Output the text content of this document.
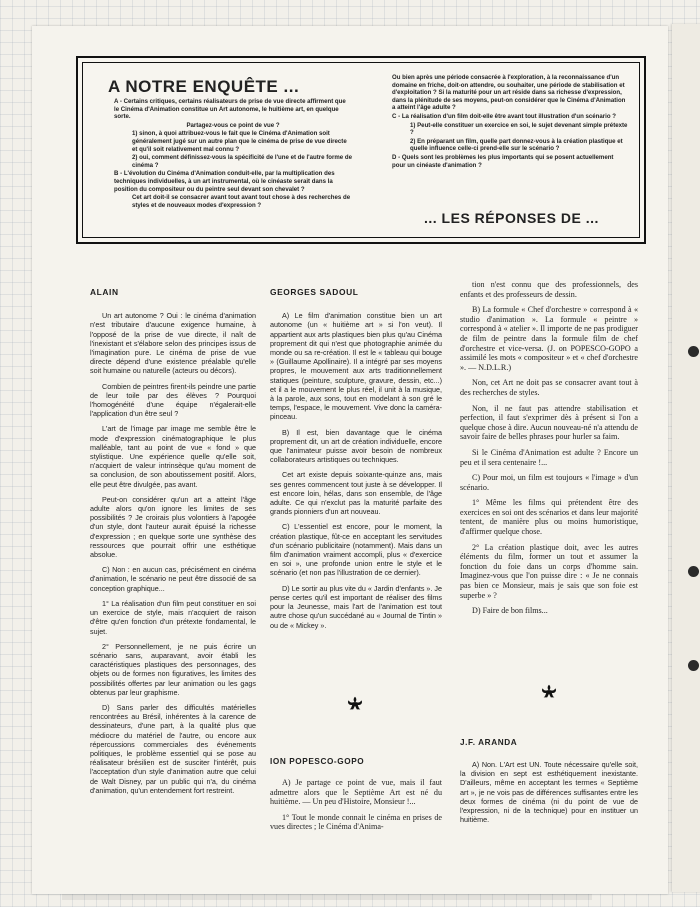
A NOTRE ENQUÊTE ...

A - Certains critiques, certains réalisateurs de prise de vue directe affirment que le Cinéma d'Animation constitue un Art autonome, le huitième art, en quelque sorte.

Partagez-vous ce point de vue ?

1) sinon, à quoi attribuez-vous le fait que le Cinéma d'Animation soit généralement jugé sur un autre plan que le cinéma de prise de vue directe et qu'il soit relativement mal connu ?

2) oui, comment définissez-vous la spécificité de l'une et de l'autre forme de cinéma ?

B - L'évolution du Cinéma d'Animation conduit-elle, par la multiplication des techniques individuelles, à un art instrumental, où le cinéaste serait dans la position du compositeur ou du peintre seul devant son chevalet ?

Cet art doit-il se consacrer avant tout avant tout chose à des recherches de styles et de nouveaux modes d'expression ?

Ou bien après une période consacrée à l'exploration, à la reconnaissance d'un domaine en friche, doit-on attendre, ou souhaiter, une période de stabilisation et d'exploitation ? Si la maturité pour un art réside dans sa richesse d'expression, dans la plénitude de ses moyens, peut-on considérer que le Cinéma d'Animation a atteint l'âge adulte ?

C - La réalisation d'un film doit-elle être avant tout illustration d'un scénario ?

1) Peut-elle constituer un exercice en soi, le sujet devenant simple prétexte ?

2) En préparant un film, quelle part donnez-vous à la création plastique et quelle influence celle-ci prend-elle sur le scénario ?

D - Quels sont les problèmes les plus importants qui se posent actuellement pour un cinéaste d'animation ?

... LES RÉPONSES DE ...

ALAIN

Un art autonome ? Oui : le cinéma d'animation n'est tributaire d'aucune exigence humaine, à l'opposé de la prise de vue directe, il naît de l'inexistant et s'élabore selon des principes issus de l'imagination pure. Le cinéma de prise de vue directe dépend d'une existence préalable qu'elle soit humaine ou naturelle (acteurs ou décors).

Combien de peintres firent-ils peindre une partie de leur toile par des élèves ? Pourquoi l'homogénéité d'une équipe n'égalerait-elle l'application d'un être seul ?

L'art de l'image par image me semble être le mode d'expression cinématographique le plus malléable, tant au point de vue « fond » que stylistique. Une expérience quelle qu'elle soit, n'acquiert de valeur intrinsèque qu'au moment de sa conclusion, de son aboutissement positif. Alors, elle peut être divulgée, pas avant.

Peut-on considérer qu'un art a atteint l'âge adulte alors qu'on ignore les limites de ses possibilités ? Je croirais plus volontiers à l'apogée d'un style, dont l'auteur aurait épuisé la richesse d'expression ; en quelque sorte une synthèse des ressources que pourrait offrir une esthétique absolue.

C) Non : en aucun cas, précisément en cinéma d'animation, le scénario ne peut être dissocié de sa conception graphique...

1° La réalisation d'un film peut constituer en soi un exercice de style, mais n'acquiert de raison d'être qu'en fonction d'un prétexte fondamental, le sujet.

2° Personnellement, je ne puis écrire un scénario sans, auparavant, avoir établi les caractéristiques plastiques des personnages, des objets ou de formes non figuratives, les limites des possibilités offertes par leur animation ou les gags obtenus par leur graphisme.

D) Sans parler des difficultés matérielles rencontrées au Brésil, inhérentes à la carence de dessinateurs, d'une part, à la qualité plus que médiocre du matériel de l'autre, ou encore aux répercussions commerciales des événements politiques, le problème essentiel qui se pose au réalisateur brésilien est de susciter l'intérêt, puis l'acceptation d'un style d'animation autre que celui de Walt Disney, par un public qui n'a, du cinéma d'animation, qu'un entendement fort restreint.

GEORGES SADOUL

A) Le film d'animation constitue bien un art autonome (un « huitième art » si l'on veut). Il appartient aux arts plastiques bien plus qu'au Cinéma proprement dit qui n'est que photographie animée du monde ou sa re-création. Il est le « tableau qui bouge » (Guillaume Apollinaire). Il a intégré par ses moyens propres, le mouvement aux arts traditionnellement statiques (peinture, sculpture, gravure, dessin, etc...) et il a le mouvement le plus réel, il unit à la musique, à la parole, aux sons, tout en modelant à son gré le temps, l'espace, le mouvement. Vive donc la caméra-pinceau.

B) Il est, bien davantage que le cinéma proprement dit, un art de création individuelle, encore que l'animateur puisse avoir besoin de nombreux collaborateurs artistiques ou techniques.

Cet art existe depuis soixante-quinze ans, mais ses genres commencent tout juste à se développer. Il est encore loin, hélas, dans son ensemble, de l'âge adulte. Ce qui n'exclut pas la maturité parfaite des grands pionniers d'un art nouveau.

C) L'essentiel est encore, pour le moment, la création plastique, fût-ce en acceptant les servitudes d'un scénario publicitaire (notamment). Mais dans un film d'animation vraiment accompli, plus « d'exercice en soi », une profonde union entre le style et le scénario (et non pas l'illustration de ce dernier).

D) Le sortir au plus vite du « Jardin d'enfants ». Je pense certes qu'il est important de réaliser des films pour la Jeunesse, mais l'art de l'animation est tout autre chose qu'un succédané au « Journal de Tintin » ou de « Mickey ».

tion n'est connu que des professionnels, des enfants et des professeurs de dessin.

B) La formule « Chef d'orchestre » correspond à « studio d'animation ». La formule « peintre » correspond à « atelier ». Il importe de ne pas prodiguer de film de peintre dans la formule film de chef d'orchestre et vice-versa. (J. on POPESCO-GOPO a assimilé les mots « compositeur » et « chef d'orchestre ». — N.D.L.R.)

Non, cet Art ne doit pas se consacrer avant tout à des recherches de styles.

Non, il ne faut pas attendre stabilisation et perfection, il faut s'exprimer dès à présent si l'on a quelque chose à dire. Aucun nouveau-né n'a attendu de savoir faire de belles phrases pour hurler sa faim.

Si le Cinéma d'Animation est adulte ? Encore un peu et il sera centenaire !...

C) Pour moi, un film est toujours « l'image » d'un scénario.

1° Même les films qui prétendent être des exercices en soi ont des scénarios et dans leur majorité tentent, de manière plus ou moins humoristique, d'affirmer quelque chose.

2° La création plastique doit, avec les autres éléments du film, former un tout et assumer la fonction du foie dans un corps d'homme sain. Imaginez-vous que l'on puisse dire : « Je ne connais pas bien ce Monsieur, mais je sais que son foie est superbe » ?

D) Faire de bon films...

ION POPESCO-GOPO

A) Je partage ce point de vue, mais il faut admettre alors que le Septième Art est né du huitième. — Un peu d'Histoire, Monsieur !...

1° Tout le monde connait le cinéma en prises de vues directes ; le Cinéma d'Anima-

J.F. ARANDA

A) Non. L'Art est UN. Toute nécessaire qu'elle soit, la division en sept est esthétiquement inexistante. D'ailleurs, même en acceptant les termes « Septième art », je ne vois pas de différences suffisantes entre les deux formes de cinéma (ni du point de vue de l'expression, ni de la technique) pour en instituer un huitième.
